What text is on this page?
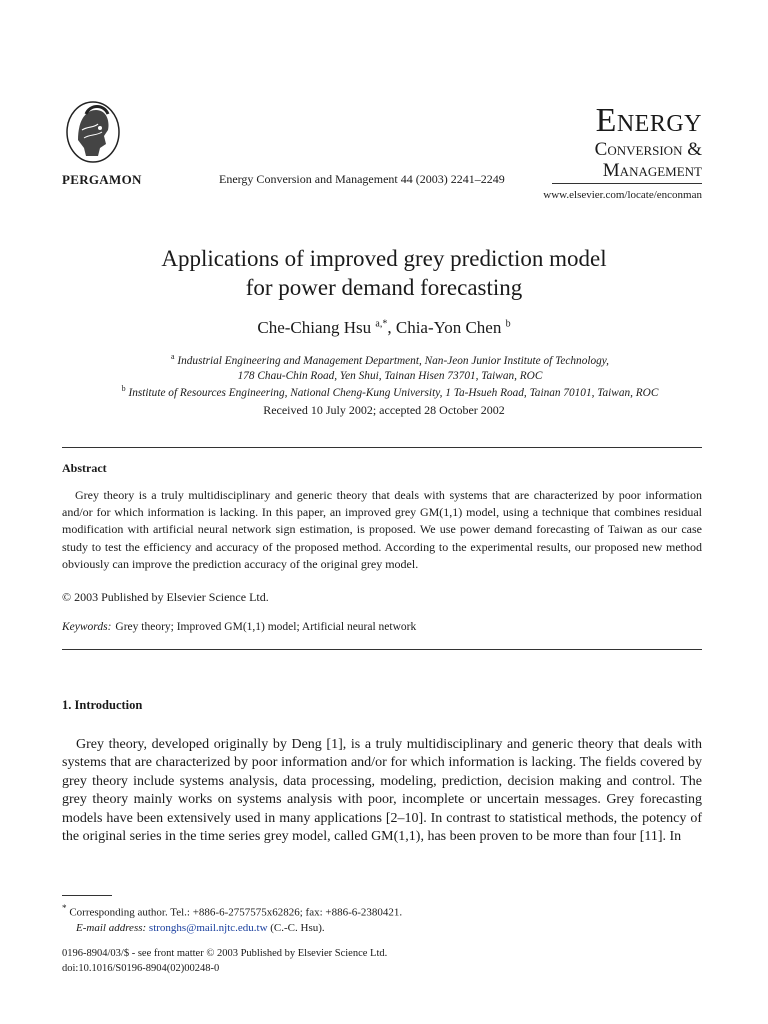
PERGAMON	Energy Conversion and Management 44 (2003) 2241–2249
Energy
Conversion &
Management
www.elsevier.com/locate/enconman
Applications of improved grey prediction model
for power demand forecasting
Che-Chiang Hsu $^{a,*}$, Chia-Yon Chen $^b$
$^a$ Industrial Engineering and Management Department, Nan-Jeon Junior Institute of Technology,
178 Chau-Chin Road, Yen Shui, Tainan Hisen 73701, Taiwan, ROC
$^b$ Institute of Resources Engineering, National Cheng-Kung University, 1 Ta-Hsueh Road, Tainan 70101, Taiwan, ROC
Received 10 July 2002; accepted 28 October 2002
Abstract

Grey theory is a truly multidisciplinary and generic theory that deals with systems that are characterized by poor information and/or for which information is lacking. In this paper, an improved grey GM(1,1) model, using a technique that combines residual modification with artificial neural network sign estimation, is proposed. We use power demand forecasting of Taiwan as our case study to test the efficiency and accuracy of the proposed method. According to the experimental results, our proposed new method obviously can improve the prediction accuracy of the original grey model.

© 2003 Published by Elsevier Science Ltd.
Keywords: Grey theory; Improved GM(1,1) model; Artificial neural network
1. Introduction

Grey theory, developed originally by Deng [1], is a truly multidisciplinary and generic theory that deals with systems that are characterized by poor information and/or for which information is lacking. The fields covered by grey theory include systems analysis, data processing, modeling, prediction, decision making and control. The grey theory mainly works on systems analysis with poor, incomplete or uncertain messages. Grey forecasting models have been extensively used in many applications [2–10]. In contrast to statistical methods, the potency of the original series in the time series grey model, called GM(1,1), has been proven to be more than four [11]. In

* Corresponding author. Tel.: +886-6-2757575x62826; fax: +886-6-2380421.
E-mail address: stronghs@mail.njtc.edu.tw (C.-C. Hsu).
0196-8904/03/$ - see front matter © 2003 Published by Elsevier Science Ltd.
doi:10.1016/S0196-8904(02)00248-0
